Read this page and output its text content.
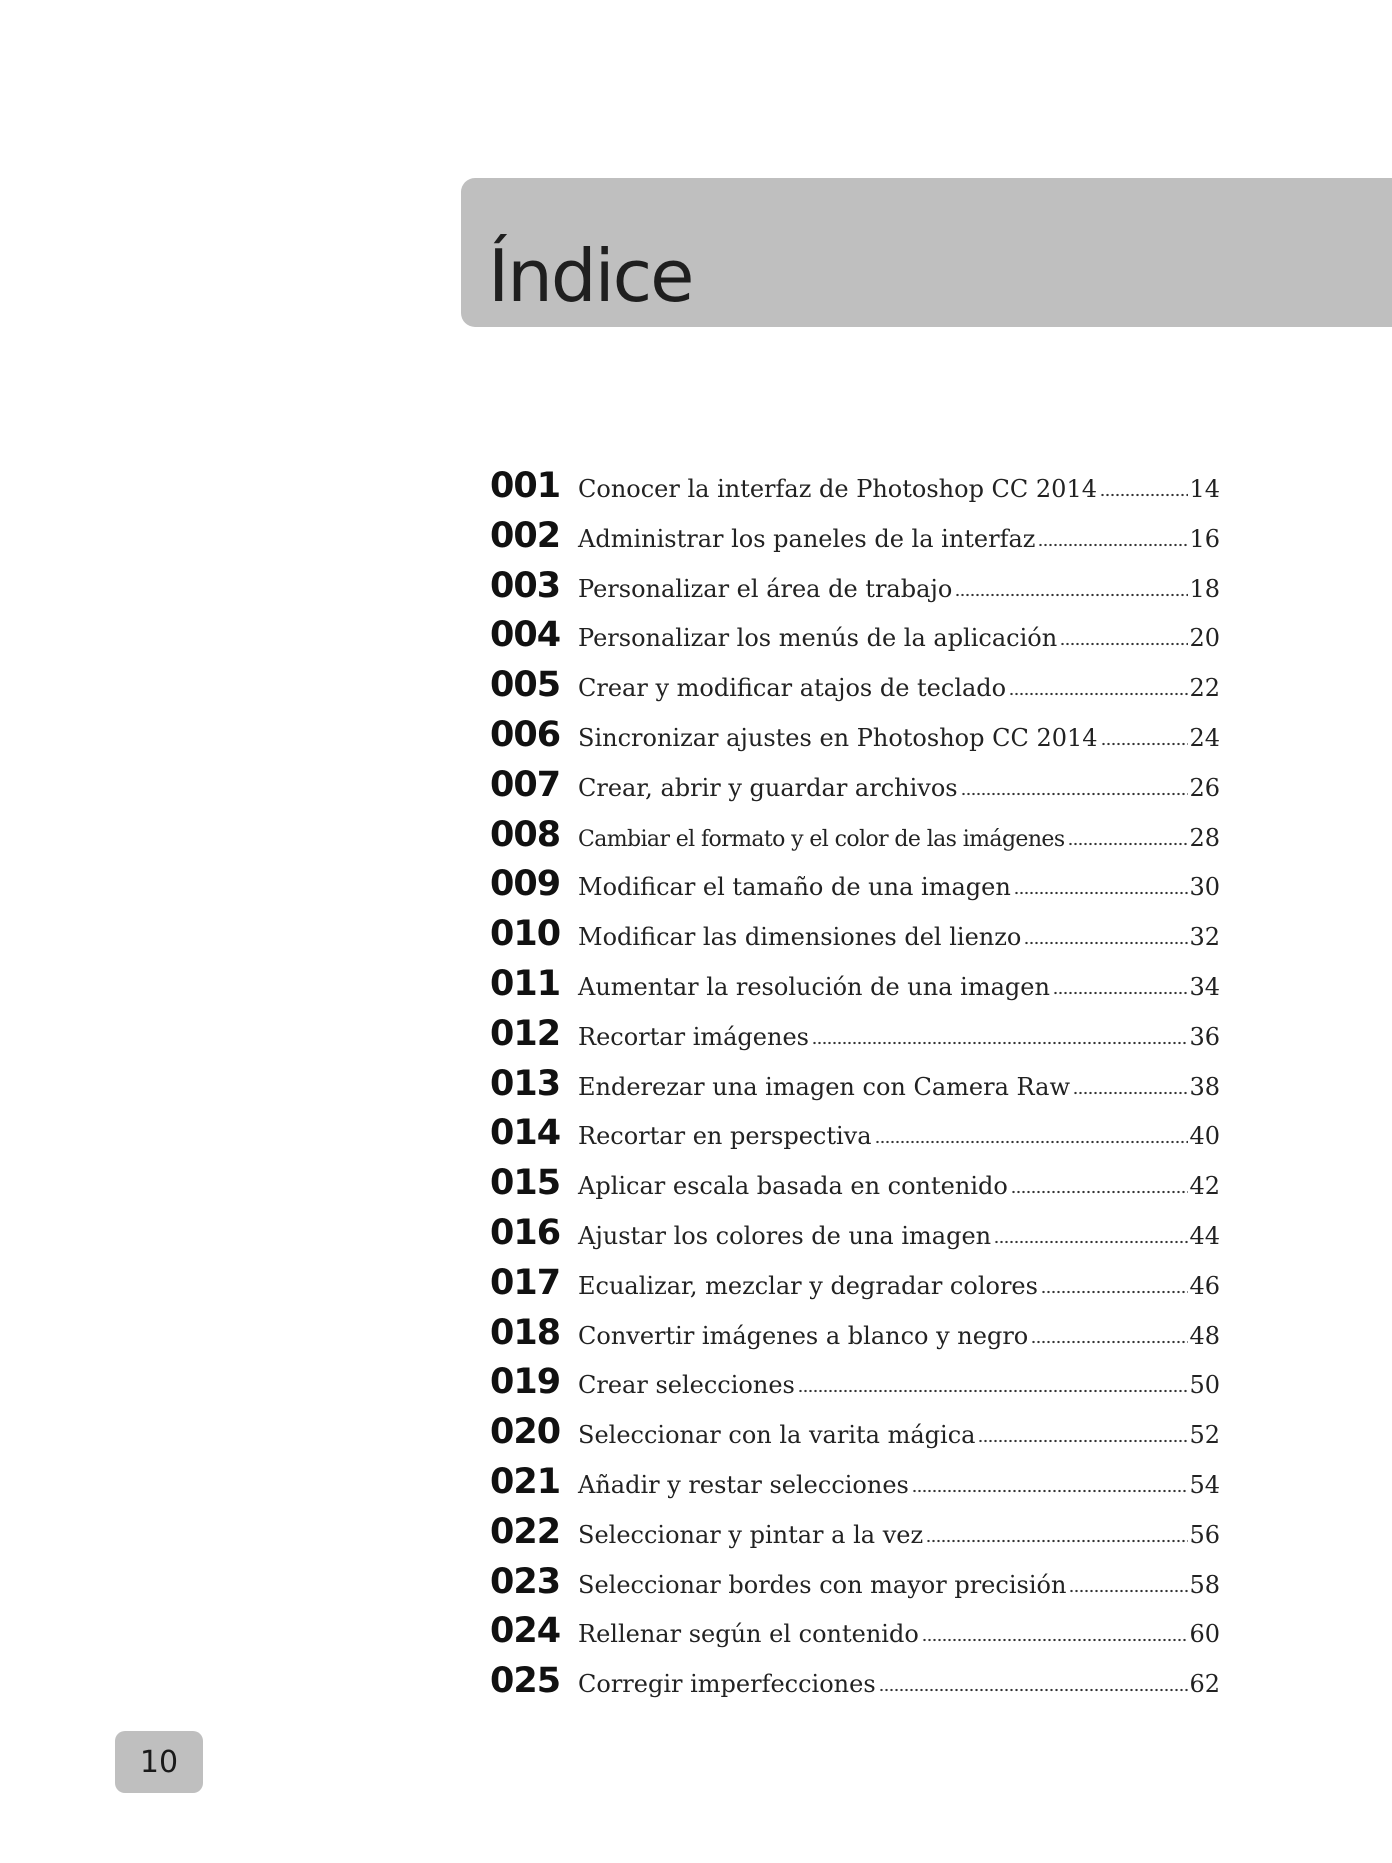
Índice
001 Conocer la interfaz de Photoshop CC 2014	14
002 Administrar los paneles de la interfaz	16
003 Personalizar el área de trabajo	18
004 Personalizar los menús de la aplicación	20
005 Crear y modificar atajos de teclado	22
006 Sincronizar ajustes en Photoshop CC 2014	24
007 Crear, abrir y guardar archivos	26
008 Cambiar el formato y el color de las imágenes	28
009 Modificar el tamaño de una imagen	30
010 Modificar las dimensiones del lienzo	32
011 Aumentar la resolución de una imagen	34
012 Recortar imágenes	36
013 Enderezar una imagen con Camera Raw	38
014 Recortar en perspectiva	40
015 Aplicar escala basada en contenido	42
016 Ajustar los colores de una imagen	44
017 Ecualizar, mezclar y degradar colores	46
018 Convertir imágenes a blanco y negro	48
019 Crear selecciones	50
020 Seleccionar con la varita mágica	52
021 Añadir y restar selecciones	54
022 Seleccionar y pintar a la vez	56
023 Seleccionar bordes con mayor precisión	58
024 Rellenar según el contenido	60
025 Corregir imperfecciones	62
10
